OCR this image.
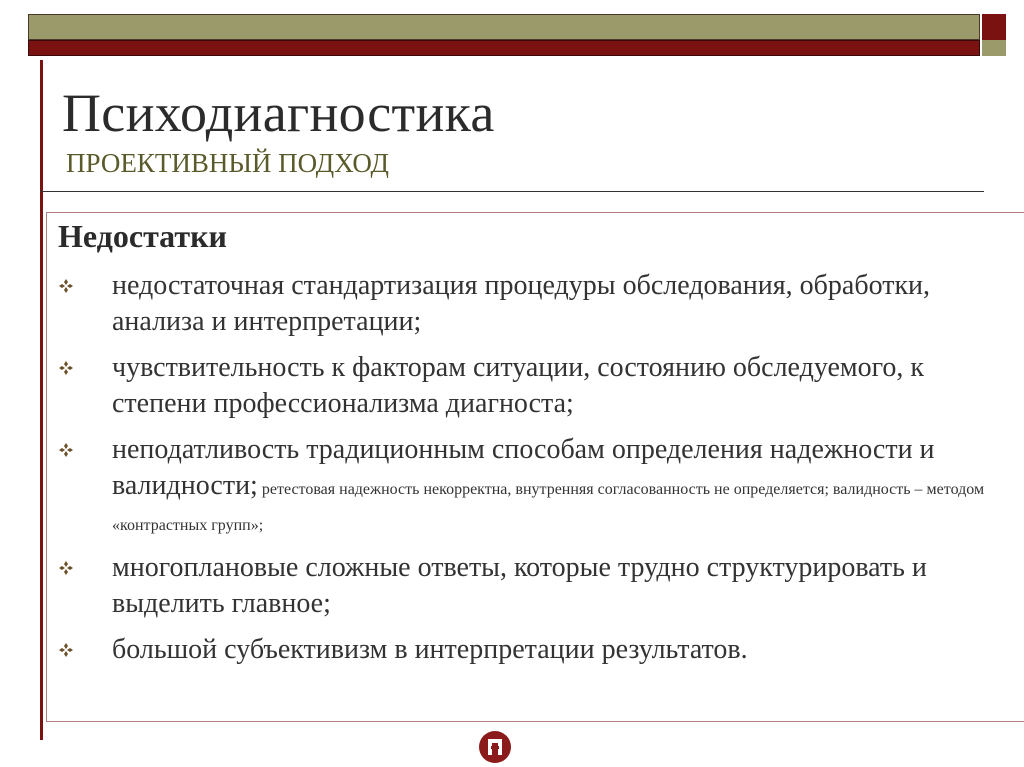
Психодиагностика
ПРОЕКТИВНЫЙ ПОДХОД
Недостатки
недостаточная стандартизация процедуры обследования, обработки, анализа и интерпретации;
чувствительность к факторам ситуации, состоянию обследуемого, к степени профессионализма диагноста;
неподатливость традиционным способам определения надежности и валидности; ретестовая надежность некорректна, внутренняя согласованность не определяется; валидность – методом «контрастных групп»;
многоплановые сложные ответы, которые трудно структурировать и выделить главное;
большой субъективизм в интерпретации результатов.
